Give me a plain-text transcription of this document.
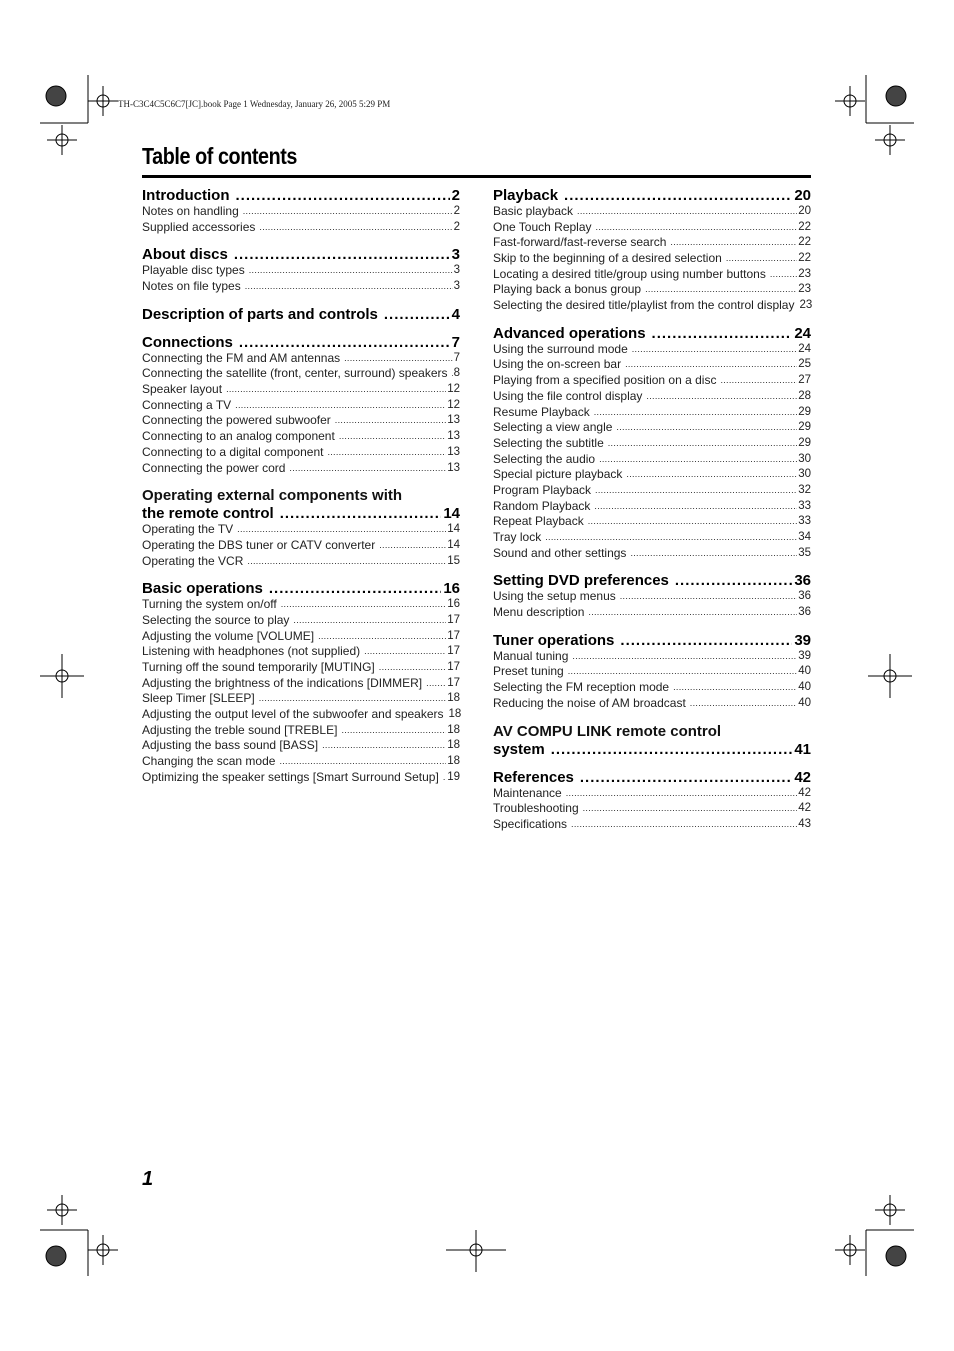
TH-C3C4C5C6C7[JC].book Page 1 Wednesday, January 26, 2005 5:29 PM
Table of contents
Introduction .....	2
Notes on handling .....	2
Supplied accessories .....	2
About discs .....	3
Playable disc types .....	3
Notes on file types .....	3
Description of parts and controls .....	4
Connections .....	7
Connecting the FM and AM antennas .....	7
Connecting the satellite (front, center, surround) speakers ..... 8
Speaker layout .....	12
Connecting a TV .....	12
Connecting the powered subwoofer .....	13
Connecting to an analog component .....	13
Connecting to a digital component .....	13
Connecting the power cord .....	13
Operating external components with
the remote control .....	14
Operating the TV .....	14
Operating the DBS tuner or CATV converter .....	14
Operating the VCR .....	15
Basic operations .....	16
Turning the system on/off .....	16
Selecting the source to play .....	17
Adjusting the volume [VOLUME] .....	17
Listening with headphones (not supplied) .....	17
Turning off the sound temporarily [MUTING] .....	17
Adjusting the brightness of the indications [DIMMER] ..... 17
Sleep Timer [SLEEP] .....	18
Adjusting the output level of the subwoofer and speakers 18
Adjusting the treble sound [TREBLE] .....	18
Adjusting the bass sound [BASS] .....	18
Changing the scan mode .....	18
Optimizing the speaker settings [Smart Surround Setup] ..... 19
Playback .....	20
Basic playback .....	20
One Touch Replay .....	22
Fast-forward/fast-reverse search .....	22
Skip to the beginning of a desired selection .....	22
Locating a desired title/group using number buttons .....	23
Playing back a bonus group .....	23
Selecting the desired title/playlist from the control display 23
Advanced operations .....	24
Using the surround mode .....	24
Using the on-screen bar .....	25
Playing from a specified position on a disc .....	27
Using the file control display .....	28
Resume Playback .....	29
Selecting a view angle .....	29
Selecting the subtitle .....	29
Selecting the audio .....	30
Special picture playback .....	30
Program Playback .....	32
Random Playback .....	33
Repeat Playback .....	33
Tray lock .....	34
Sound and other settings .....	35
Setting DVD preferences .....	36
Using the setup menus .....	36
Menu description .....	36
Tuner operations .....	39
Manual tuning .....	39
Preset tuning .....	40
Selecting the FM reception mode .....	40
Reducing the noise of AM broadcast .....	40
AV COMPU LINK remote control
system .....	41
References .....	42
Maintenance .....	42
Troubleshooting .....	42
Specifications .....	43
1
